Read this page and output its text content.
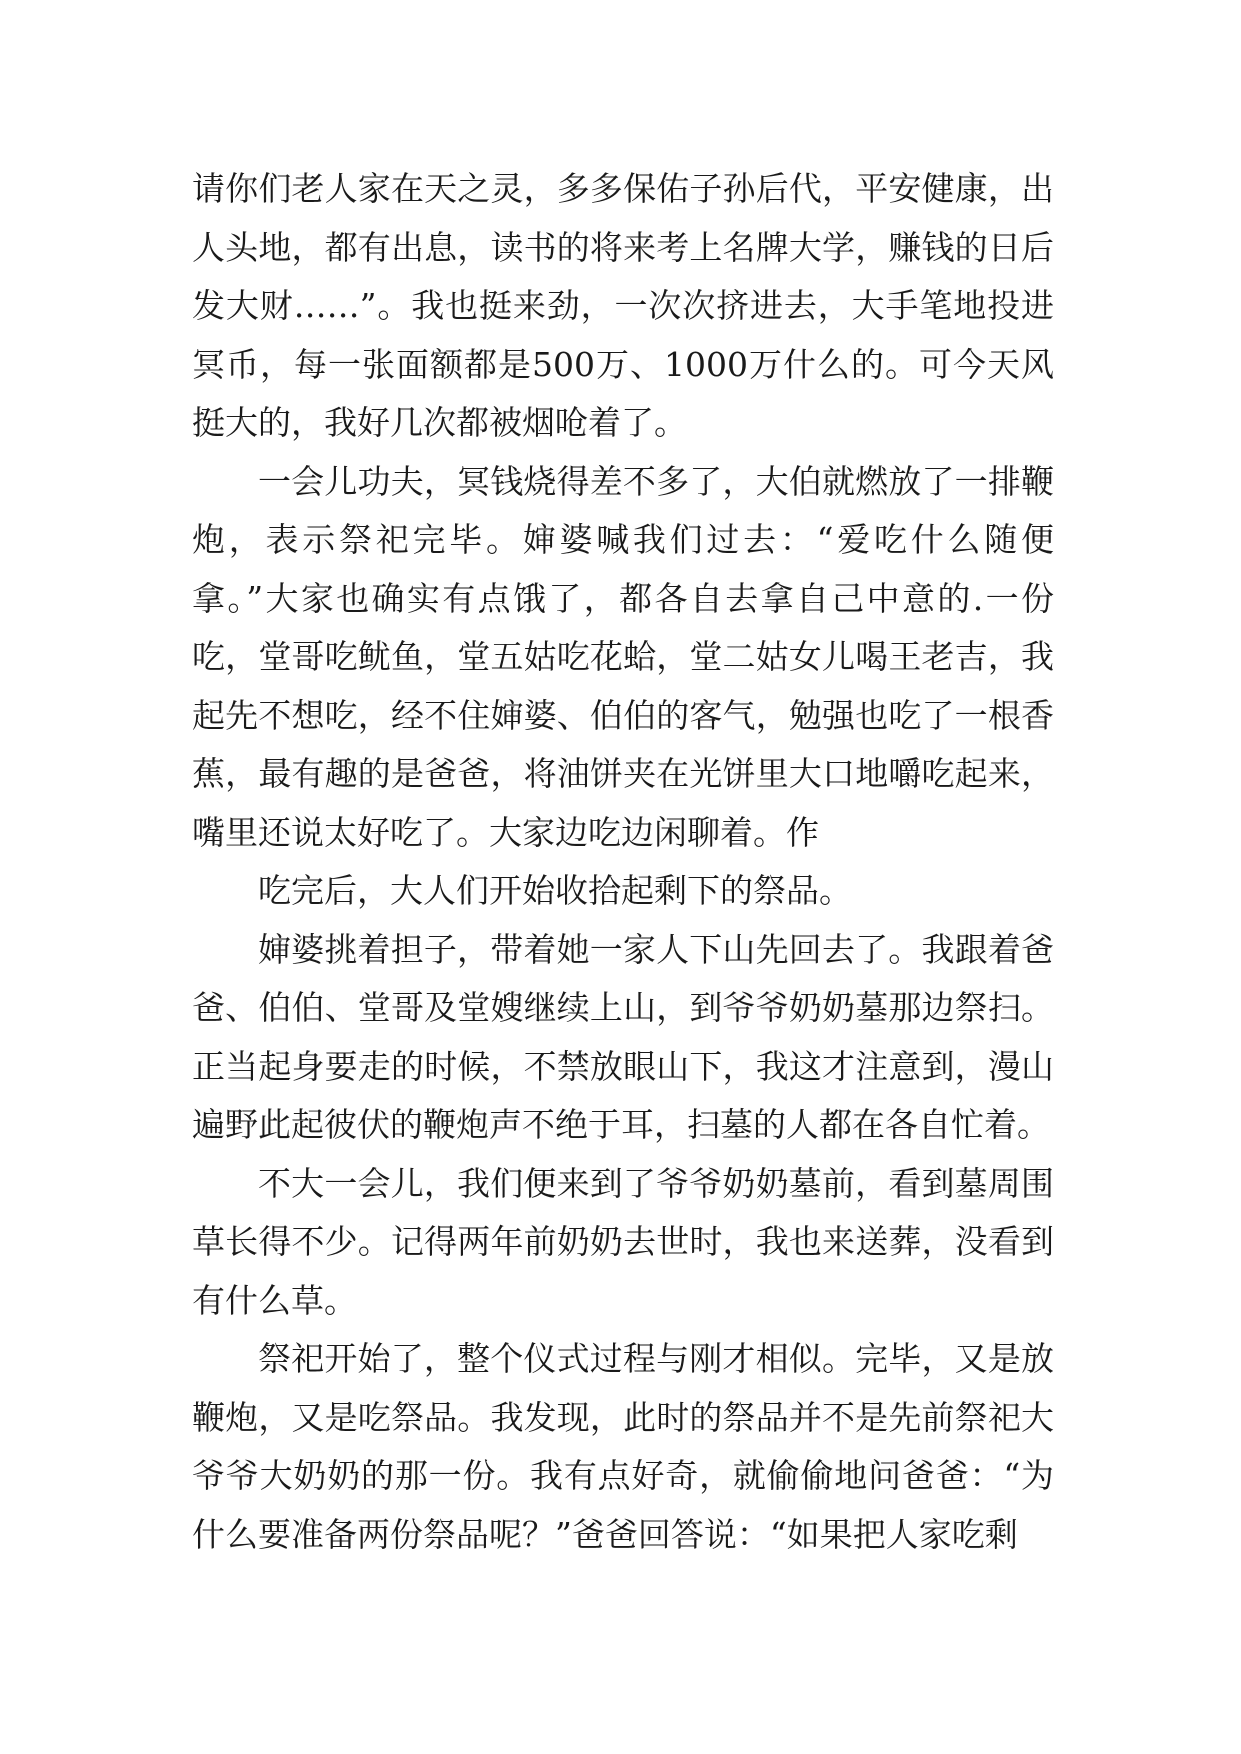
请你们老人家在天之灵，多多保佑子孙后代，平安健康，出人头地，都有出息，读书的将来考上名牌大学，赚钱的日后发大财……”。我也挺来劲，一次次挤进去，大手笔地投进冥币，每一张面额都是500万、1000万什么的。可今天风挺大的，我好几次都被烟呛着了。

一会儿功夫，冥钱烧得差不多了，大伯就燃放了一排鞭炮，表示祭祀完毕。婶婆喊我们过去：“爱吃什么随便拿。”大家也确实有点饿了，都各自去拿自己中意的.一份吃，堂哥吃鱿鱼，堂五姑吃花蛤，堂二姑女儿喝王老吉，我起先不想吃，经不住婶婆、伯伯的客气，勉强也吃了一根香蕉，最有趣的是爸爸，将油饼夹在光饼里大口地嚼吃起来，嘴里还说太好吃了。大家边吃边闲聊着。作

吃完后，大人们开始收拾起剩下的祭品。

婶婆挑着担子，带着她一家人下山先回去了。我跟着爸爸、伯伯、堂哥及堂嫂继续上山，到爷爷奶奶墓那边祭扫。正当起身要走的时候，不禁放眼山下，我这才注意到，漫山遍野此起彼伏的鞭炮声不绝于耳，扫墓的人都在各自忙着。

不大一会儿，我们便来到了爷爷奶奶墓前，看到墓周围草长得不少。记得两年前奶奶去世时，我也来送葬，没看到有什么草。

祭祀开始了，整个仪式过程与刚才相似。完毕，又是放鞭炮，又是吃祭品。我发现，此时的祭品并不是先前祭祀大爷爷大奶奶的那一份。我有点好奇，就偷偷地问爸爸：“为什么要准备两份祭品呢？”爸爸回答说：“如果把人家吃剩
